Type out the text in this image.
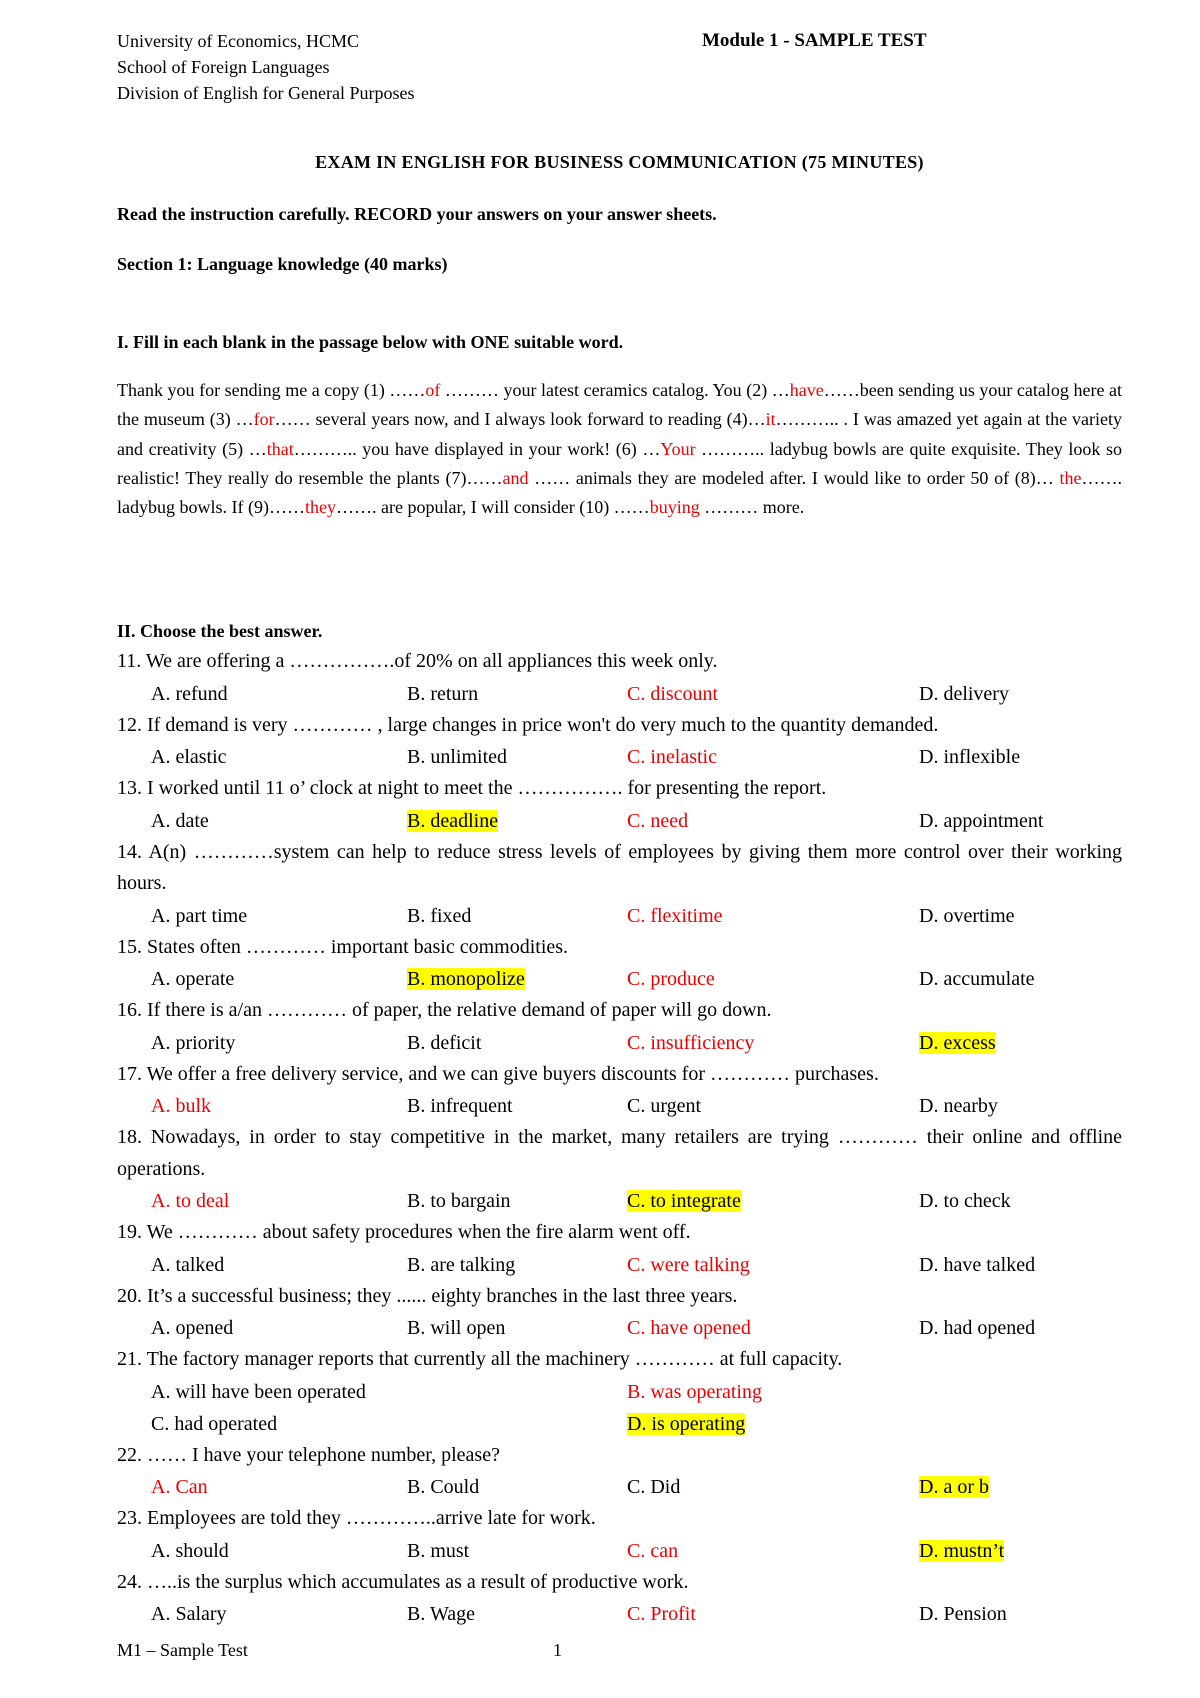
University of Economics, HCMC
School of Foreign Languages
Division of English for General Purposes
Module 1 - SAMPLE TEST
EXAM IN ENGLISH FOR BUSINESS COMMUNICATION (75 MINUTES)
Read the instruction carefully. RECORD your answers on your answer sheets.
Section 1: Language knowledge (40 marks)
I. Fill in each blank in the passage below with ONE suitable word.
Thank you for sending me a copy (1) ……of ……… your latest ceramics catalog. You (2) …have……been sending us your catalog here at the museum (3) …for…… several years now, and I always look forward to reading (4)…it……….. . I was amazed yet again at the variety and creativity (5) …that……….. you have displayed in your work! (6) …Your ……….. ladybug bowls are quite exquisite. They look so realistic! They really do resemble the plants (7)……and …… animals they are modeled after. I would like to order 50 of (8)… the……. ladybug bowls. If (9)……they……. are popular, I will consider (10) ……buying ……… more.
II. Choose the best answer.
11. We are offering a …………….of 20% on all appliances this week only.
A. refund	B. return	C. discount	D. delivery
12. If demand is very ………… , large changes in price won't do very much to the quantity demanded.
A. elastic	B. unlimited	C. inelastic	D. inflexible
13. I worked until 11 o’ clock at night to meet the ……………. for presenting the report.
A. date	B. deadline	C. need	D. appointment
14. A(n) …………system can help to reduce stress levels of employees by giving them more control over their working hours.
A. part time	B. fixed	C. flexitime	D. overtime
15. States often ………… important basic commodities.
A. operate	B. monopolize	C. produce	D. accumulate
16. If there is a/an ………… of paper, the relative demand of paper will go down.
A. priority	B. deficit	C. insufficiency	D. excess
17. We offer a free delivery service, and we can give buyers discounts for ………… purchases.
A. bulk	B. infrequent	C. urgent	D. nearby
18. Nowadays, in order to stay competitive in the market, many retailers are trying ………… their online and offline operations.
A. to deal	B. to bargain	C. to integrate	D. to check
19. We ………… about safety procedures when the fire alarm went off.
A. talked	B. are talking	C. were talking	D. have talked
20. It’s a successful business; they ...... eighty branches in the last three years.
A. opened	B. will open	C. have opened	D. had opened
21. The factory manager reports that currently all the machinery ………… at full capacity.
A. will have been operated	B. was operating
C. had operated	D. is operating
22. …… I have your telephone number, please?
A. Can	B. Could	C. Did	D. a or b
23. Employees are told they …………..arrive late for work.
A. should	B. must	C. can	D. mustn’t
24. …..is the surplus which accumulates as a result of productive work.
A. Salary	B. Wage	C. Profit	D. Pension
M1 – Sample Test	1
